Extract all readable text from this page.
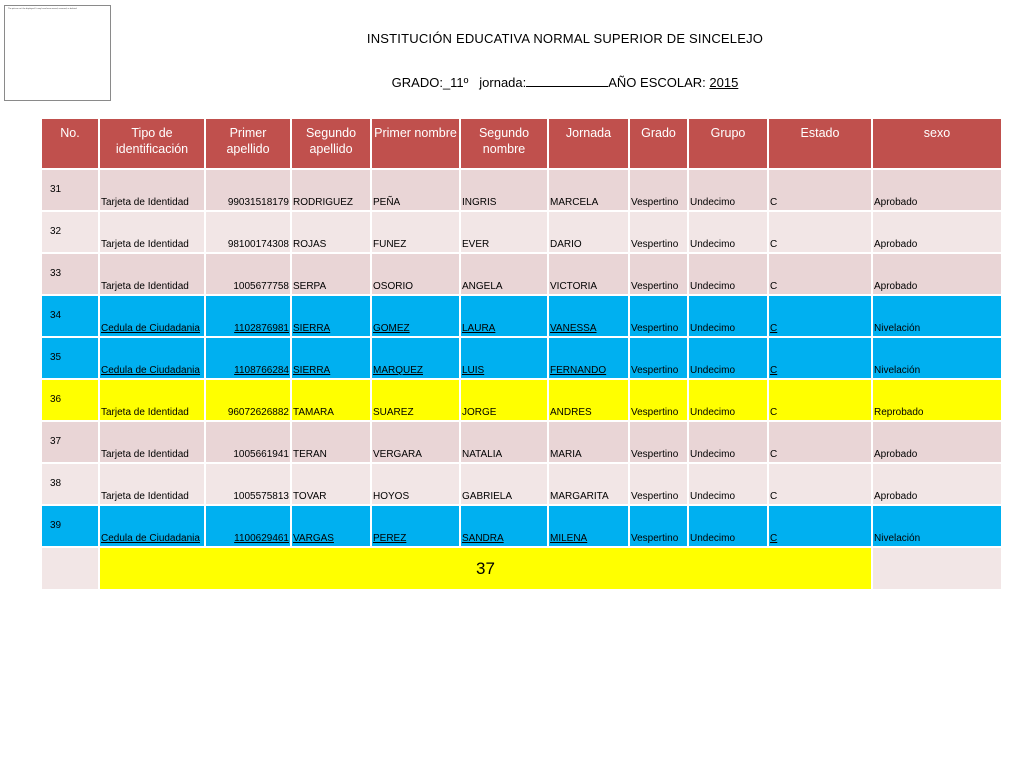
The picture can't be displayed. It may have been moved, renamed, or deleted.
INSTITUCIÓN EDUCATIVA NORMAL SUPERIOR DE SINCELEJO
GRADO:_11º jornada:	AÑO ESCOLAR: 2015
No.	Tipo de identificación	Primer apellido	Segundo apellido	Primer nombre	Segundo nombre	Jornada	Grado	Grupo	Estado	sexo
31	Tarjeta de Identidad	99031518179	RODRIGUEZ	PEÑA	INGRIS	MARCELA	Vespertino	Undecimo	C	Aprobado
32	Tarjeta de Identidad	98100174308	ROJAS	FUNEZ	EVER	DARIO	Vespertino	Undecimo	C	Aprobado
33	Tarjeta de Identidad	1005677758	SERPA	OSORIO	ANGELA	VICTORIA	Vespertino	Undecimo	C	Aprobado
34	Cedula de Ciudadania	1102876981	SIERRA	GOMEZ	LAURA	VANESSA	Vespertino	Undecimo	C	Nivelación
35	Cedula de Ciudadania	1108766284	SIERRA	MARQUEZ	LUIS	FERNANDO	Vespertino	Undecimo	C	Nivelación
36	Tarjeta de Identidad	96072626882	TAMARA	SUAREZ	JORGE	ANDRES	Vespertino	Undecimo	C	Reprobado
37	Tarjeta de Identidad	1005661941	TERAN	VERGARA	NATALIA	MARIA	Vespertino	Undecimo	C	Aprobado
38	Tarjeta de Identidad	1005575813	TOVAR	HOYOS	GABRIELA	MARGARITA	Vespertino	Undecimo	C	Aprobado
39	Cedula de Ciudadania	1100629461	VARGAS	PEREZ	SANDRA	MILENA	Vespertino	Undecimo	C	Nivelación
	37									
